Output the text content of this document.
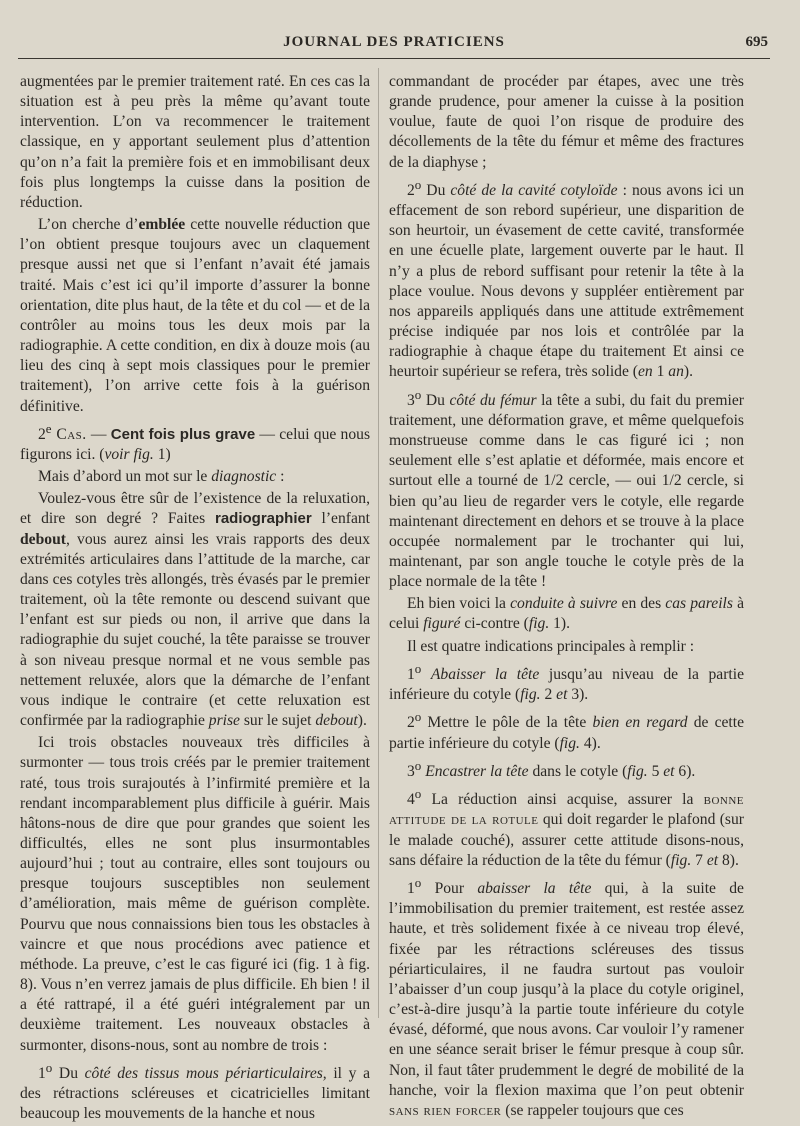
JOURNAL DES PRATICIENS	695

augmentées par le premier traitement raté. En ces cas la situation est à peu près la même qu’avant toute intervention. L’on va recommencer le traitement classique, en y apportant seulement plus d’attention qu’on n’a fait la première fois et en immobilisant deux fois plus longtemps la cuisse dans la position de réduction.

L’on cherche d’emblée cette nouvelle réduction que l’on obtient presque toujours avec un claquement presque aussi net que si l’enfant n’avait été jamais traité. Mais c’est ici qu’il importe d’assurer la bonne orientation, dite plus haut, de la tête et du col — et de la contrôler au moins tous les deux mois par la radiographie. A cette condition, en dix à douze mois (au lieu des cinq à sept mois classiques pour le premier traitement), l’on arrive cette fois à la guérison définitive.

2e Cas. — Cent fois plus grave — celui que nous figurons ici. (voir fig. 1)

Mais d’abord un mot sur le diagnostic :

Voulez-vous être sûr de l’existence de la reluxation, et dire son degré ? Faites radiographier l’enfant debout, vous aurez ainsi les vrais rapports des deux extrémités articulaires dans l’attitude de la marche, car dans ces cotyles très allongés, très évasés par le premier traitement, où la tête remonte ou descend suivant que l’enfant est sur pieds ou non, il arrive que dans la radiographie du sujet couché, la tête paraisse se trouver à son niveau presque normal et ne vous semble pas nettement reluxée, alors que la démarche de l’enfant vous indique le contraire (et cette reluxation est confirmée par la radiographie prise sur le sujet debout).

Ici trois obstacles nouveaux très difficiles à surmonter — tous trois créés par le premier traitement raté, tous trois surajoutés à l’infirmité première et la rendant incomparablement plus difficile à guérir. Mais hâtons-nous de dire que pour grandes que soient les difficultés, elles ne sont plus insurmontables aujourd’hui ; tout au contraire, elles sont toujours ou presque toujours susceptibles non seulement d’amélioration, mais même de guérison complète. Pourvu que nous connaissions bien tous les obstacles à vaincre et que nous procédions avec patience et méthode. La preuve, c’est le cas figuré ici (fig. 1 à fig. 8). Vous n’en verrez jamais de plus difficile. Eh bien ! il a été rattrapé, il a été guéri intégralement par un deuxième traitement. Les nouveaux obstacles à surmonter, disons-nous, sont au nombre de trois :

1$^o$ Du côté des tissus mous périarticulaires, il y a des rétractions scléreuses et cicatricielles limitant beaucoup les mouvements de la hanche et nous

commandant de procéder par étapes, avec une très grande prudence, pour amener la cuisse à la position voulue, faute de quoi l’on risque de produire des décollements de la tête du fémur et même des fractures de la diaphyse ;

2$^o$ Du côté de la cavité cotyloïde : nous avons ici un effacement de son rebord supérieur, une disparition de son heurtoir, un évasement de cette cavité, transformée en une écuelle plate, largement ouverte par le haut. Il n’y a plus de rebord suffisant pour retenir la tête à la place voulue. Nous devons y suppléer entièrement par nos appareils appliqués dans une attitude extrêmement précise indiquée par nos lois et contrôlée par la radiographie à chaque étape du traitement Et ainsi ce heurtoir supérieur se refera, très solide (en 1 an).

3$^o$ Du côté du fémur la tête a subi, du fait du premier traitement, une déformation grave, et même quelquefois monstrueuse comme dans le cas figuré ici ; non seulement elle s’est aplatie et déformée, mais encore et surtout elle a tourné de 1/2 cercle, — oui 1/2 cercle, si bien qu’au lieu de regarder vers le cotyle, elle regarde maintenant directement en dehors et se trouve à la place occupée normalement par le trochanter qui lui, maintenant, par son angle touche le cotyle près de la place normale de la tête !

Eh bien voici la conduite à suivre en des cas pareils à celui figuré ci-contre (fig. 1).

Il est quatre indications principales à remplir :

1$^o$ Abaisser la tête jusqu’au niveau de la partie inférieure du cotyle (fig. 2 et 3).

2$^o$ Mettre le pôle de la tête bien en regard de cette partie inférieure du cotyle (fig. 4).

3$^o$ Encastrer la tête dans le cotyle (fig. 5 et 6).

4$^o$ La réduction ainsi acquise, assurer la bonne attitude de la rotule qui doit regarder le plafond (sur le malade couché), assurer cette attitude disons-nous, sans défaire la réduction de la tête du fémur (fig. 7 et 8).

1$^o$ Pour abaisser la tête qui, à la suite de l’immobilisation du premier traitement, est restée assez haute, et très solidement fixée à ce niveau trop élevé, fixée par les rétractions scléreuses des tissus périarticulaires, il ne faudra surtout pas vouloir l’abaisser d’un coup jusqu’à la place du cotyle originel, c’est-à-dire jusqu’à la partie toute inférieure du cotyle évasé, déformé, que nous avons. Car vouloir l’y ramener en une séance serait briser le fémur presque à coup sûr. Non, il faut tâter prudemment le degré de mobilité de la hanche, voir la flexion maxima que l’on peut obtenir sans rien forcer (se rappeler toujours que ces
